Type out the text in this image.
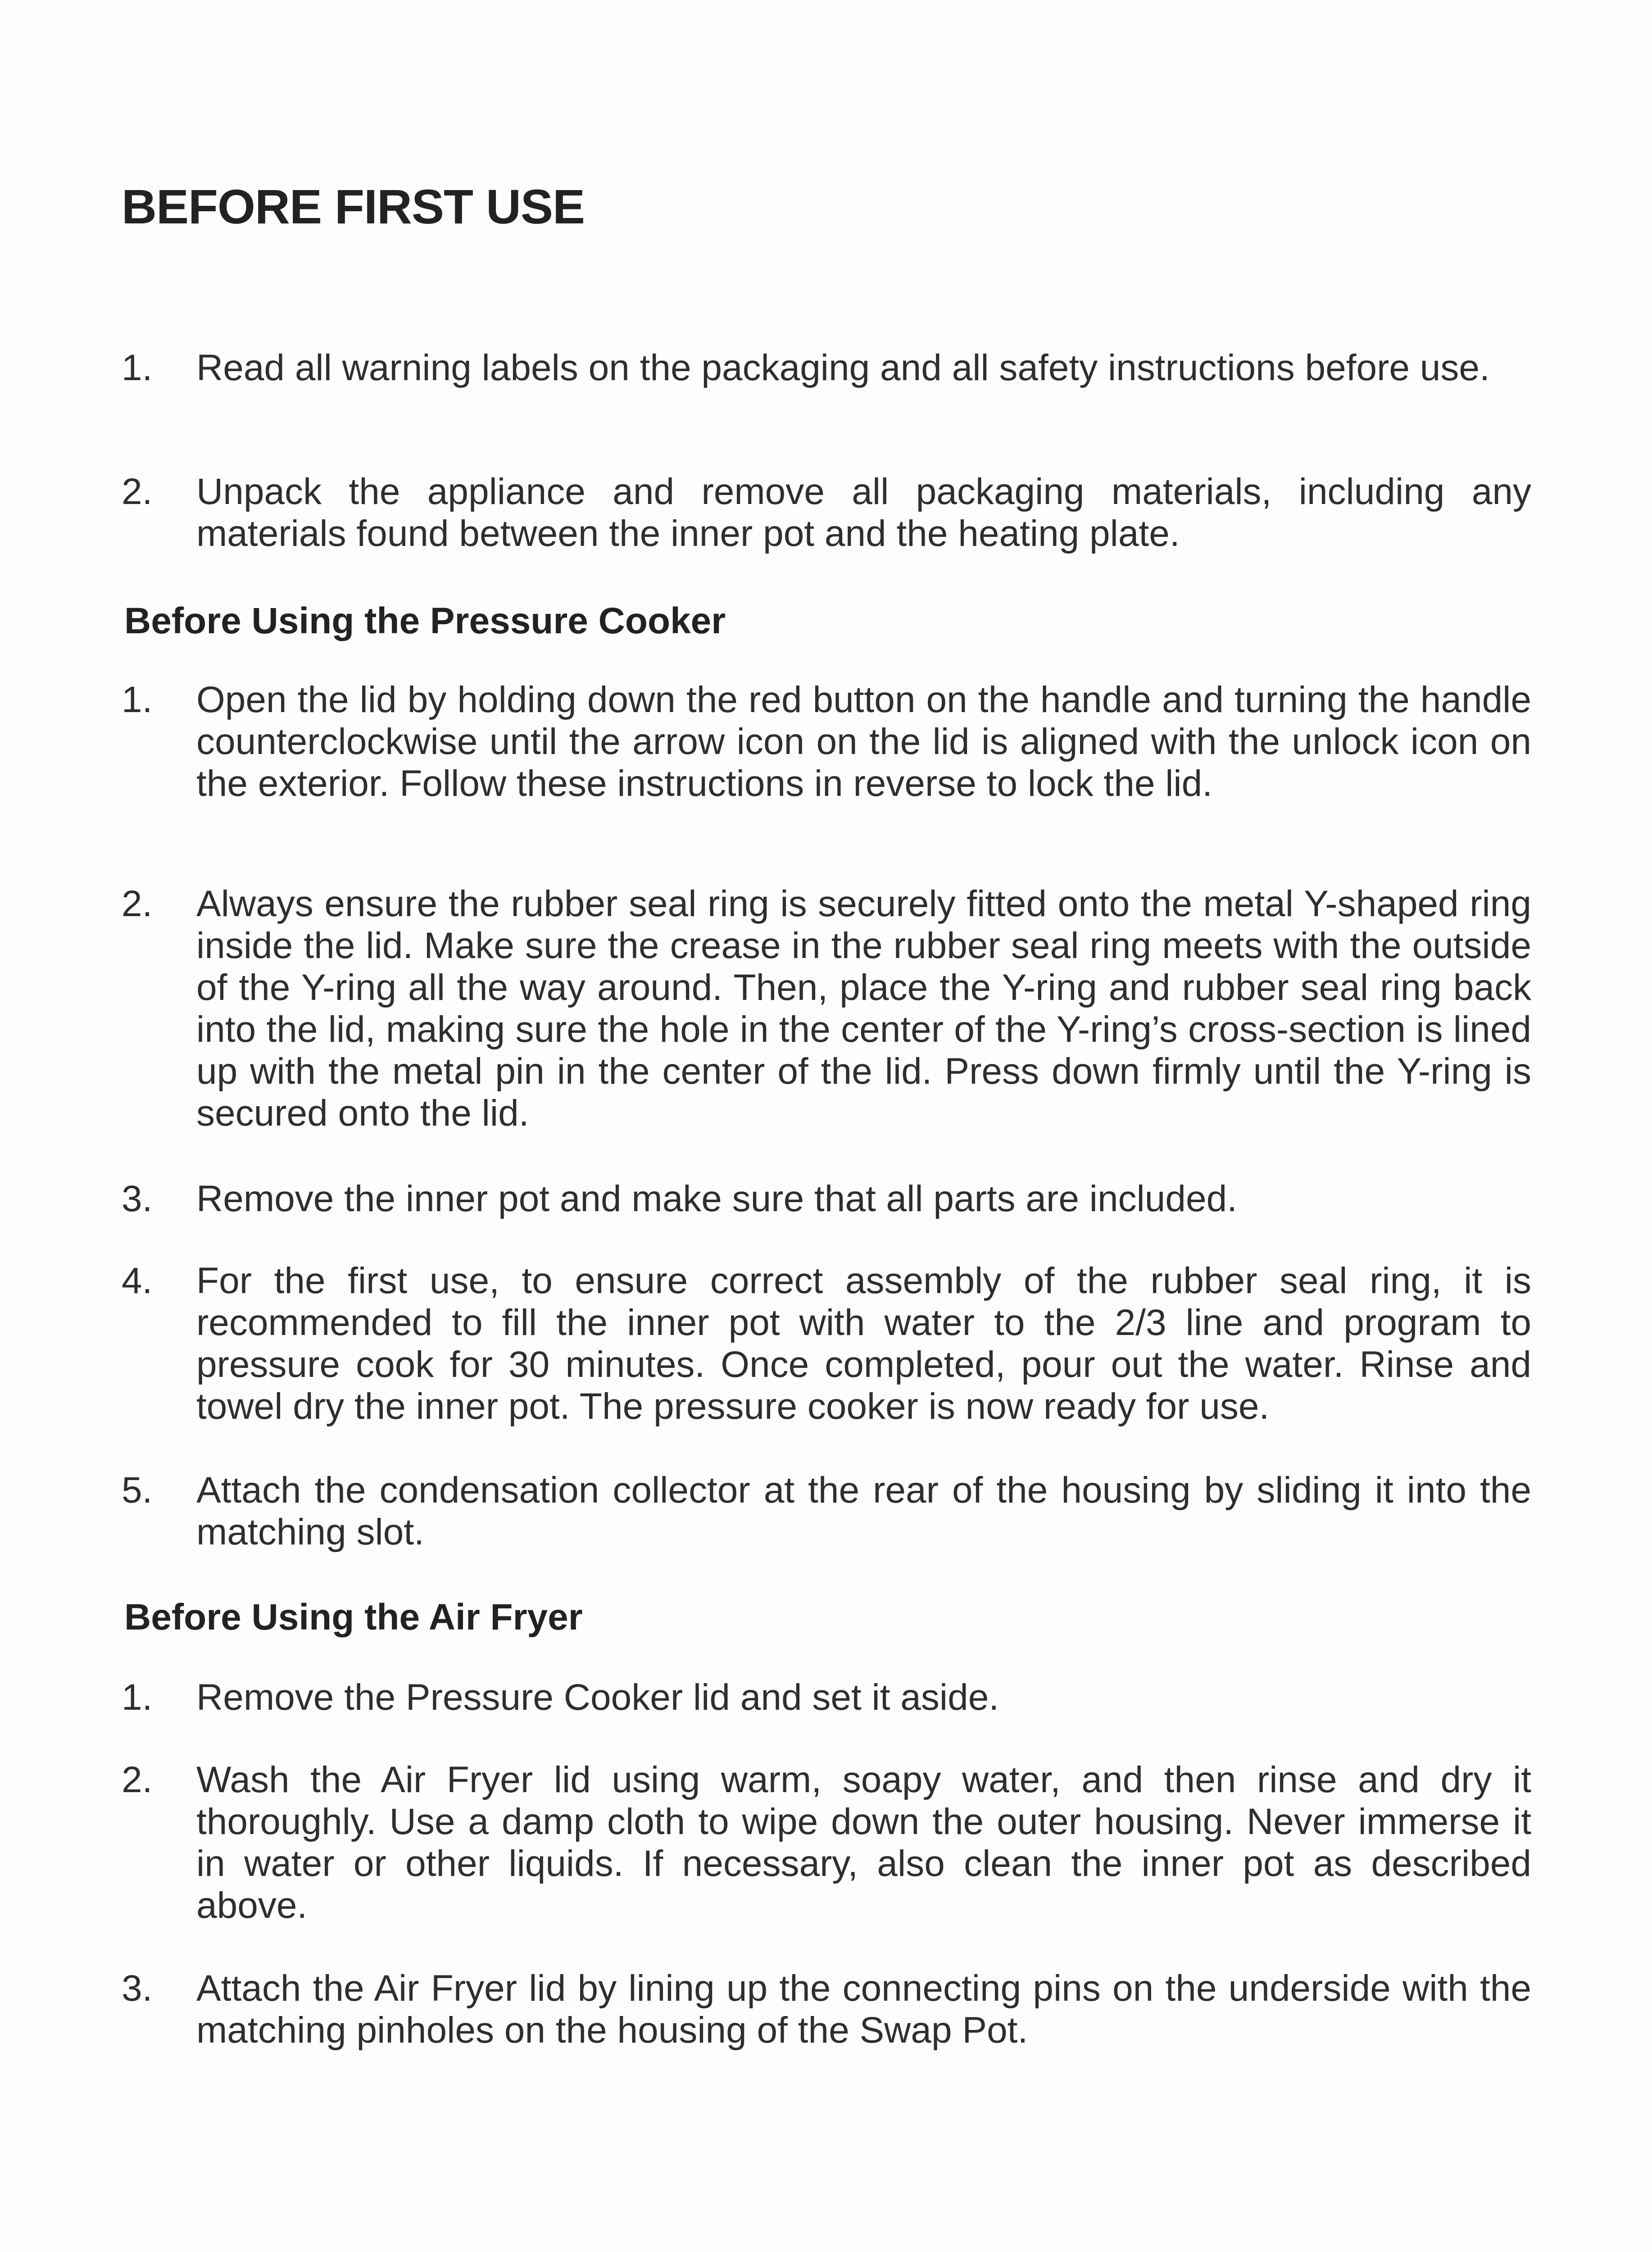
BEFORE FIRST USE
1.	Read all warning labels on the packaging and all safety instructions before use.
2.	Unpack the appliance and remove all packaging materials, including any materials found between the inner pot and the heating plate.
Before Using the Pressure Cooker
1.	Open the lid by holding down the red button on the handle and turning the handle counterclockwise until the arrow icon on the lid is aligned with the unlock icon on the exterior. Follow these instructions in reverse to lock the lid.
2.	Always ensure the rubber seal ring is securely fitted onto the metal Y-shaped ring inside the lid. Make sure the crease in the rubber seal ring meets with the outside of the Y-ring all the way around. Then, place the Y-ring and rubber seal ring back into the lid, making sure the hole in the center of the Y-ring’s cross-section is lined up with the metal pin in the center of the lid. Press down firmly until the Y-ring is secured onto the lid.
3.	Remove the inner pot and make sure that all parts are included.
4.	For the first use, to ensure correct assembly of the rubber seal ring, it is recommended to fill the inner pot with water to the 2/3 line and program to pressure cook for 30 minutes. Once completed, pour out the water. Rinse and towel dry the inner pot. The pressure cooker is now ready for use.
5.	Attach the condensation collector at the rear of the housing by sliding it into the matching slot.
Before Using the Air Fryer
1.	Remove the Pressure Cooker lid and set it aside.
2.	Wash the Air Fryer lid using warm, soapy water, and then rinse and dry it thoroughly. Use a damp cloth to wipe down the outer housing. Never immerse it in water or other liquids. If necessary, also clean the inner pot as described above.
3.	Attach the Air Fryer lid by lining up the connecting pins on the underside with the matching pinholes on the housing of the Swap Pot.
